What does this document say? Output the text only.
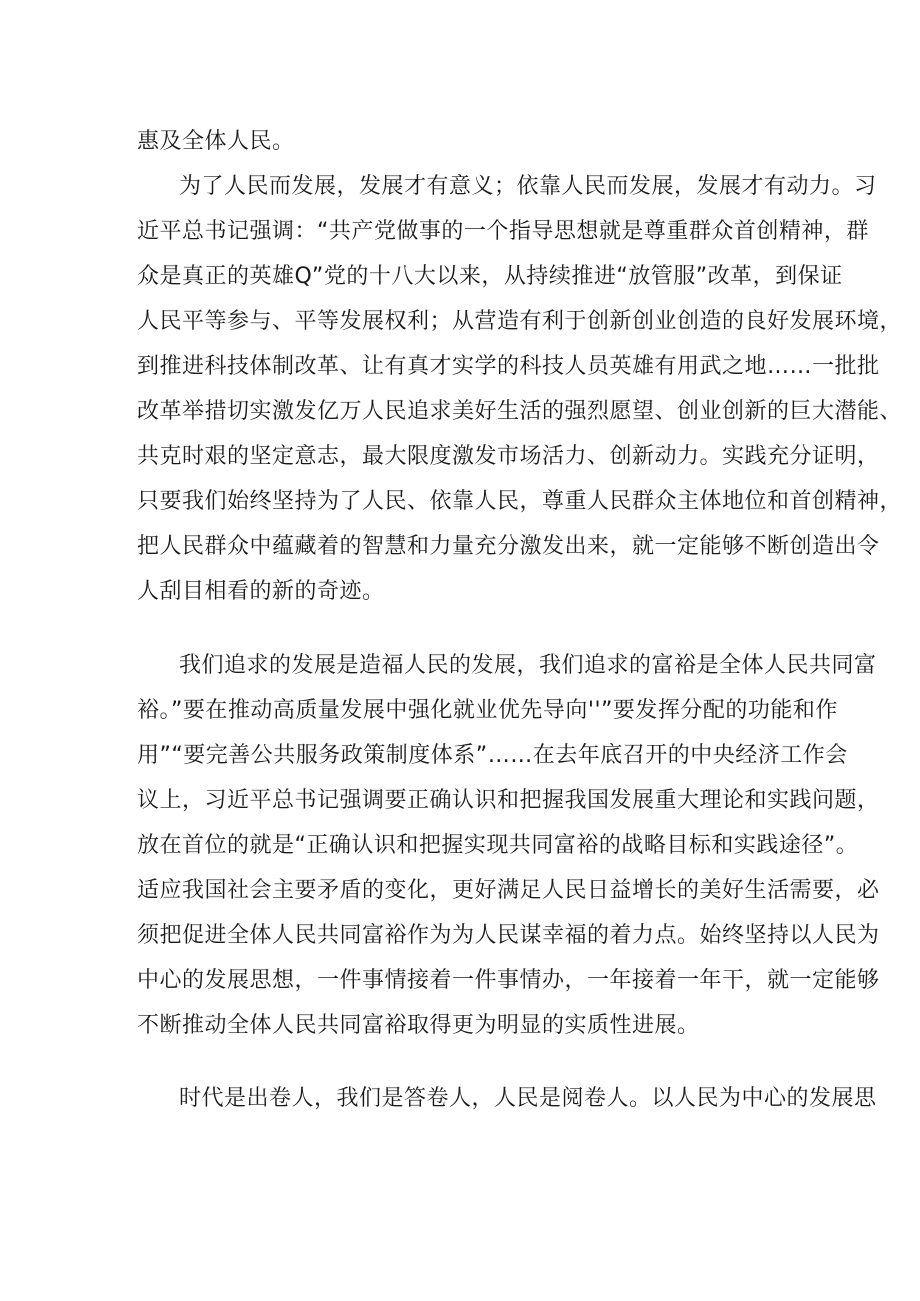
惠及全体人民。
为了人民而发展，发展才有意义；依靠人民而发展，发展才有动力。习
近平总书记强调：“共产党做事的一个指导思想就是尊重群众首创精神，群
众是真正的英雄Q”党的十八大以来，从持续推进“放管服”改革，到保证
人民平等参与、平等发展权利；从营造有利于创新创业创造的良好发展环境，
到推进科技体制改革、让有真才实学的科技人员英雄有用武之地……一批批
改革举措切实激发亿万人民追求美好生活的强烈愿望、创业创新的巨大潜能、
共克时艰的坚定意志，最大限度激发市场活力、创新动力。实践充分证明，
只要我们始终坚持为了人民、依靠人民，尊重人民群众主体地位和首创精神，
把人民群众中蕴藏着的智慧和力量充分激发出来，就一定能够不断创造出令
人刮目相看的新的奇迹。
我们追求的发展是造福人民的发展，我们追求的富裕是全体人民共同富
裕。”要在推动高质量发展中强化就业优先导向''”要发挥分配的功能和作
用”“要完善公共服务政策制度体系”……在去年底召开的中央经济工作会
议上，习近平总书记强调要正确认识和把握我国发展重大理论和实践问题，
放在首位的就是“正确认识和把握实现共同富裕的战略目标和实践途径”。
适应我国社会主要矛盾的变化，更好满足人民日益增长的美好生活需要，必
须把促进全体人民共同富裕作为为人民谋幸福的着力点。始终坚持以人民为
中心的发展思想，一件事情接着一件事情办，一年接着一年干，就一定能够
不断推动全体人民共同富裕取得更为明显的实质性进展。
时代是出卷人，我们是答卷人，人民是阅卷人。以人民为中心的发展思
